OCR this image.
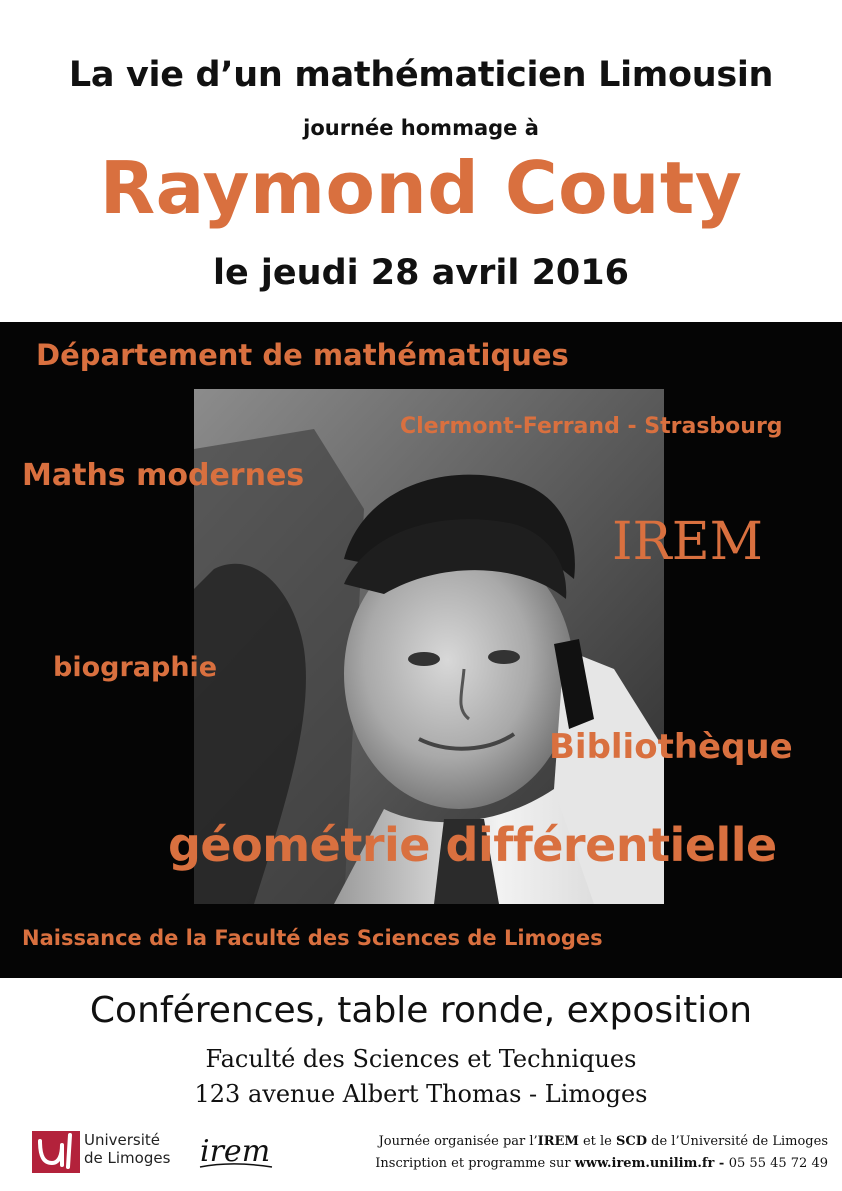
La vie d’un mathématicien Limousin
journée hommage à
Raymond Couty
le jeudi 28 avril 2016
Département de mathématiques
Clermont-Ferrand - Strasbourg
Maths modernes
IREM
biographie
Bibliothèque
géométrie différentielle
Naissance de la Faculté des Sciences de Limoges
Conférences, table ronde, exposition
Faculté des Sciences et Techniques
123 avenue Albert Thomas - Limoges
Université
de Limoges irem	Journée organisée par l’IREM et le SCD de l’Université de Limoges
Inscription et programme sur www.irem.unilim.fr - 05 55 45 72 49
